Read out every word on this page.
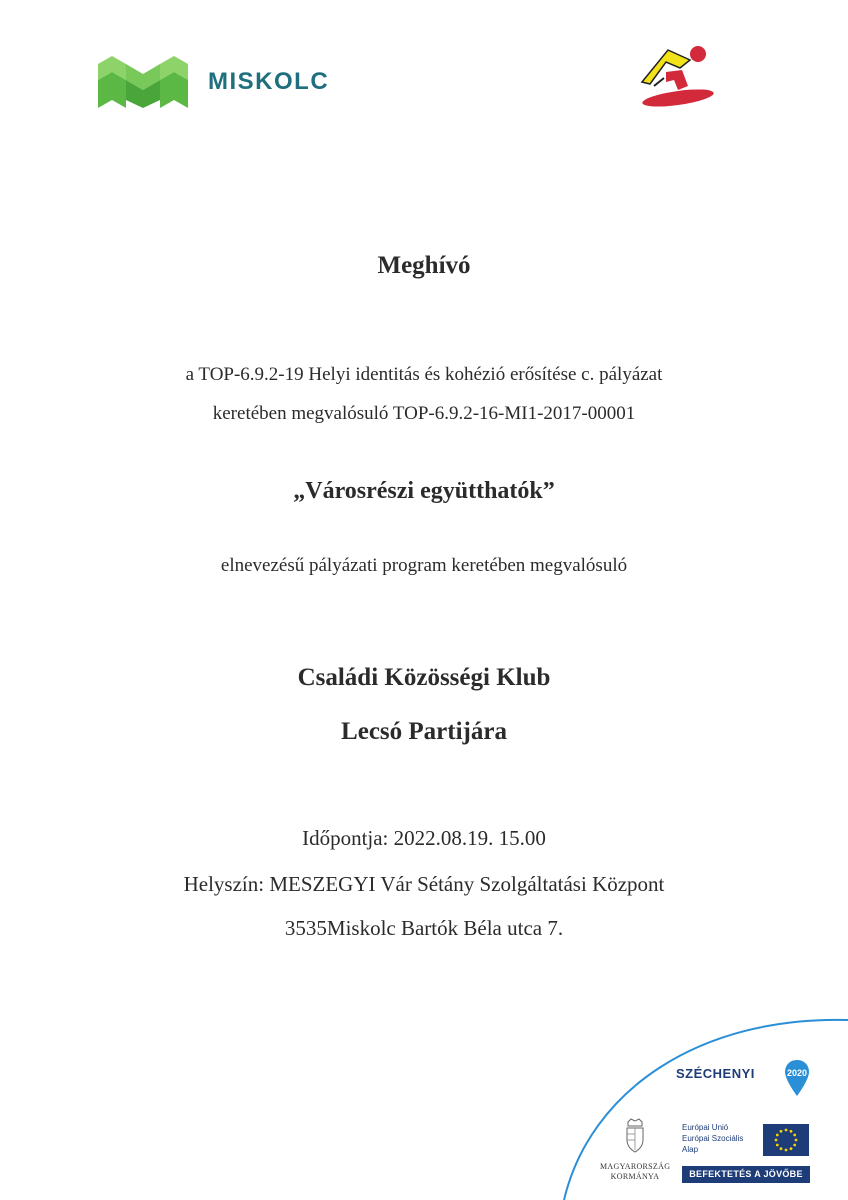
MISKOLC
Meghívó
a TOP-6.9.2-19 Helyi identitás és kohézió erősítése c. pályázat
keretében megvalósuló TOP-6.9.2-16-MI1-2017-00001
„Városrészi együtthatók”
elnevezésű pályázati program keretében megvalósuló
Családi Közösségi Klub
Lecsó Partijára
Időpontja: 2022.08.19. 15.00
Helyszín: MESZEGYI Vár Sétány Szolgáltatási Központ
3535Miskolc Bartók Béla utca 7.
SZÉCHENYI	2020
MAGYARORSZÁG
KORMÁNYA
Európai Unió
Európai Szociális
Alap
BEFEKTETÉS A JÖVŐBE
